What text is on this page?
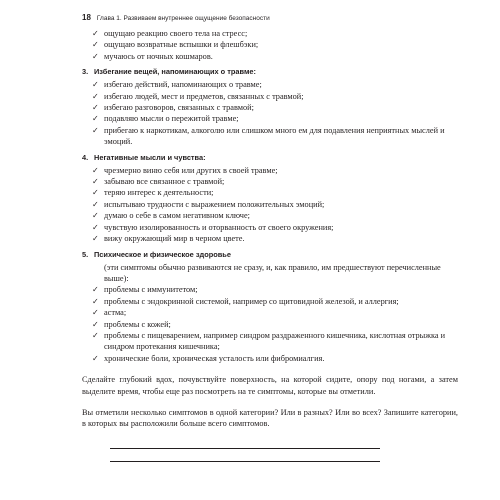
18 Глава 1. Развиваем внутреннее ощущение безопасности
✓ ощущаю реакцию своего тела на стресс;
✓ ощущаю возвратные вспышки и флешбэки;
✓ мучаюсь от ночных кошмаров.
3. Избегание вещей, напоминающих о травме:
✓ избегаю действий, напоминающих о травме;
✓ избегаю людей, мест и предметов, связанных с травмой;
✓ избегаю разговоров, связанных с травмой;
✓ подавляю мысли о пережитой травме;
✓ прибегаю к наркотикам, алкоголю или слишком много ем для подавления неприятных мыслей и эмоций.
4. Негативные мысли и чувства:
✓ чрезмерно виню себя или других в своей травме;
✓ забываю все связанное с травмой;
✓ теряю интерес к деятельности;
✓ испытываю трудности с выражением положительных эмоций;
✓ думаю о себе в самом негативном ключе;
✓ чувствую изолированность и оторванность от своего окружения;
✓ вижу окружающий мир в черном цвете.
5. Психическое и физическое здоровье
(эти симптомы обычно развиваются не сразу, и, как правило, им предшествуют перечисленные выше):
✓ проблемы с иммунитетом;
✓ проблемы с эндокринной системой, например со щитовидной железой, и аллергия;
✓ астма;
✓ проблемы с кожей;
✓ проблемы с пищеварением, например синдром раздраженного кишечника, кислотная отрыжка и синдром протекания кишечника;
✓ хронические боли, хроническая усталость или фибромиалгия.

Сделайте глубокий вдох, почувствуйте поверхность, на которой сидите, опору под ногами, а затем выделите время, чтобы еще раз посмотреть на те симптомы, которые вы отметили.

Вы отметили несколько симптомов в одной категории? Или в разных? Или во всех? Запишите категории, в которых вы расположили больше всего симптомов.
